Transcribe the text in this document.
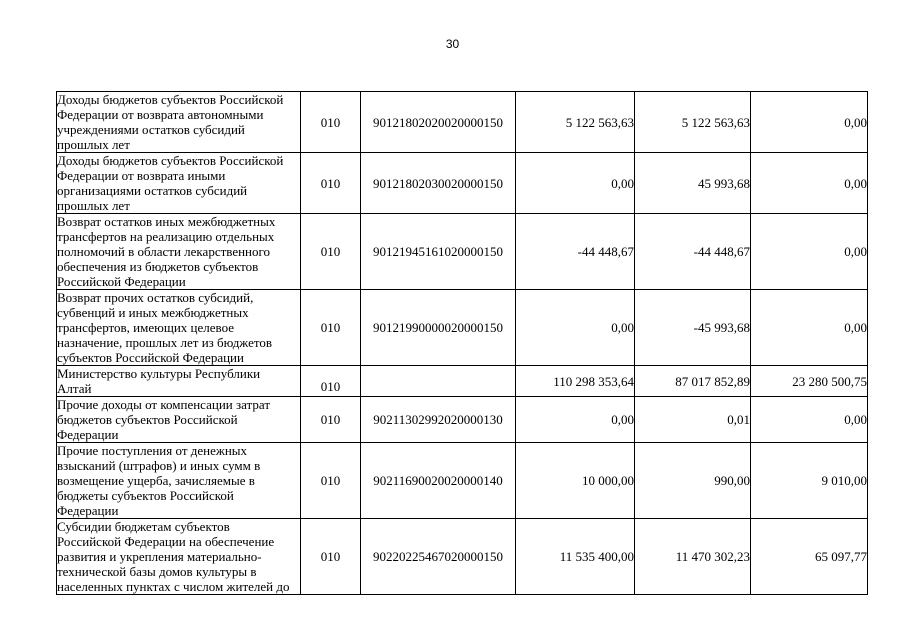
30
Доходы бюджетов субъектов Российской
Федерации от возврата автономными
учреждениями остатков субсидий
прошлых лет	010	90121802020020000150	5 122 563,63	5 122 563,63	0,00
Доходы бюджетов субъектов Российской
Федерации от возврата иными
организациями остатков субсидий
прошлых лет	010	90121802030020000150	0,00	45 993,68	0,00
Возврат остатков иных межбюджетных
трансфертов на реализацию отдельных
полномочий в области лекарственного
обеспечения из бюджетов субъектов
Российской Федерации	010	90121945161020000150	-44 448,67	-44 448,67	0,00
Возврат прочих остатков субсидий,
субвенций и иных межбюджетных
трансфертов, имеющих целевое
назначение, прошлых лет из бюджетов
субъектов Российской Федерации	010	90121990000020000150	0,00	-45 993,68	0,00
Министерство культуры Республики
Алтай	010		110 298 353,64	87 017 852,89	23 280 500,75
Прочие доходы от компенсации затрат
бюджетов субъектов Российской
Федерации	010	90211302992020000130	0,00	0,01	0,00
Прочие поступления от денежных
взысканий (штрафов) и иных сумм в
возмещение ущерба, зачисляемые в
бюджеты субъектов Российской
Федерации	010	90211690020020000140	10 000,00	990,00	9 010,00
Субсидии бюджетам субъектов
Российской Федерации на обеспечение
развития и укрепления материально-
технической базы домов культуры в
населенных пунктах с числом жителей до	010	90220225467020000150	11 535 400,00	11 470 302,23	65 097,77
